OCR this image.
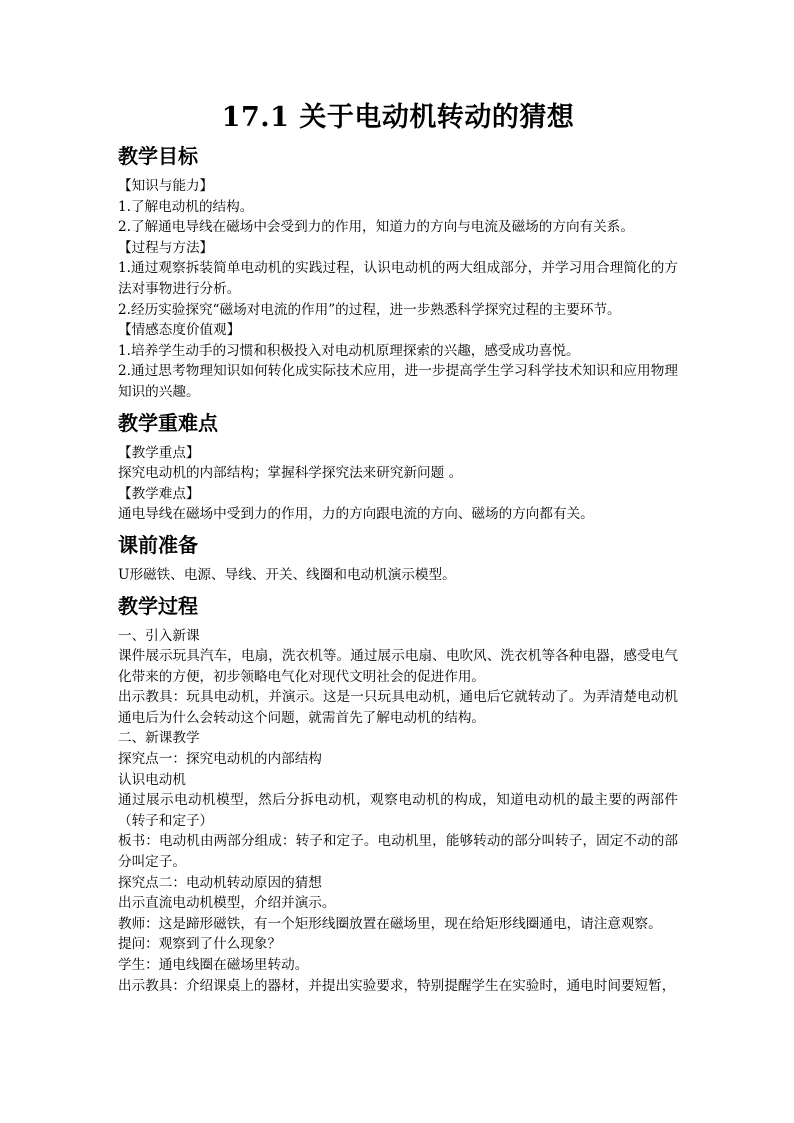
17.1 关于电动机转动的猜想
教学目标

【知识与能力】

1.了解电动机的结构。

2.了解通电导线在磁场中会受到力的作用，知道力的方向与电流及磁场的方向有关系。

【过程与方法】

1.通过观察拆装简单电动机的实践过程，认识电动机的两大组成部分，并学习用合理简化的方法对事物进行分析。

2.经历实验探究“磁场对电流的作用”的过程，进一步熟悉科学探究过程的主要环节。

【情感态度价值观】

1.培养学生动手的习惯和积极投入对电动机原理探索的兴趣，感受成功喜悦。

2.通过思考物理知识如何转化成实际技术应用，进一步提高学生学习科学技术知识和应用物理知识的兴趣。

教学重难点

【教学重点】

探究电动机的内部结构；掌握科学探究法来研究新问题 。

【教学难点】

通电导线在磁场中受到力的作用，力的方向跟电流的方向、磁场的方向都有关。

课前准备

U形磁铁、电源、导线、开关、线圈和电动机演示模型。

教学过程

一、引入新课

课件展示玩具汽车，电扇，洗衣机等。通过展示电扇、电吹风、洗衣机等各种电器，感受电气化带来的方便，初步领略电气化对现代文明社会的促进作用。

出示教具：玩具电动机，并演示。这是一只玩具电动机，通电后它就转动了。为弄清楚电动机通电后为什么会转动这个问题，就需首先了解电动机的结构。

二、新课教学

探究点一：探究电动机的内部结构

认识电动机

通过展示电动机模型，然后分拆电动机，观察电动机的构成，知道电动机的最主要的两部件（转子和定子）

板书：电动机由两部分组成：转子和定子。电动机里，能够转动的部分叫转子，固定不动的部分叫定子。

探究点二：电动机转动原因的猜想

出示直流电动机模型，介绍并演示。

教师：这是蹄形磁铁，有一个矩形线圈放置在磁场里，现在给矩形线圈通电，请注意观察。

提问：观察到了什么现象？

学生：通电线圈在磁场里转动。

出示教具：介绍课桌上的器材，并提出实验要求，特别提醒学生在实验时，通电时间要短暂，
